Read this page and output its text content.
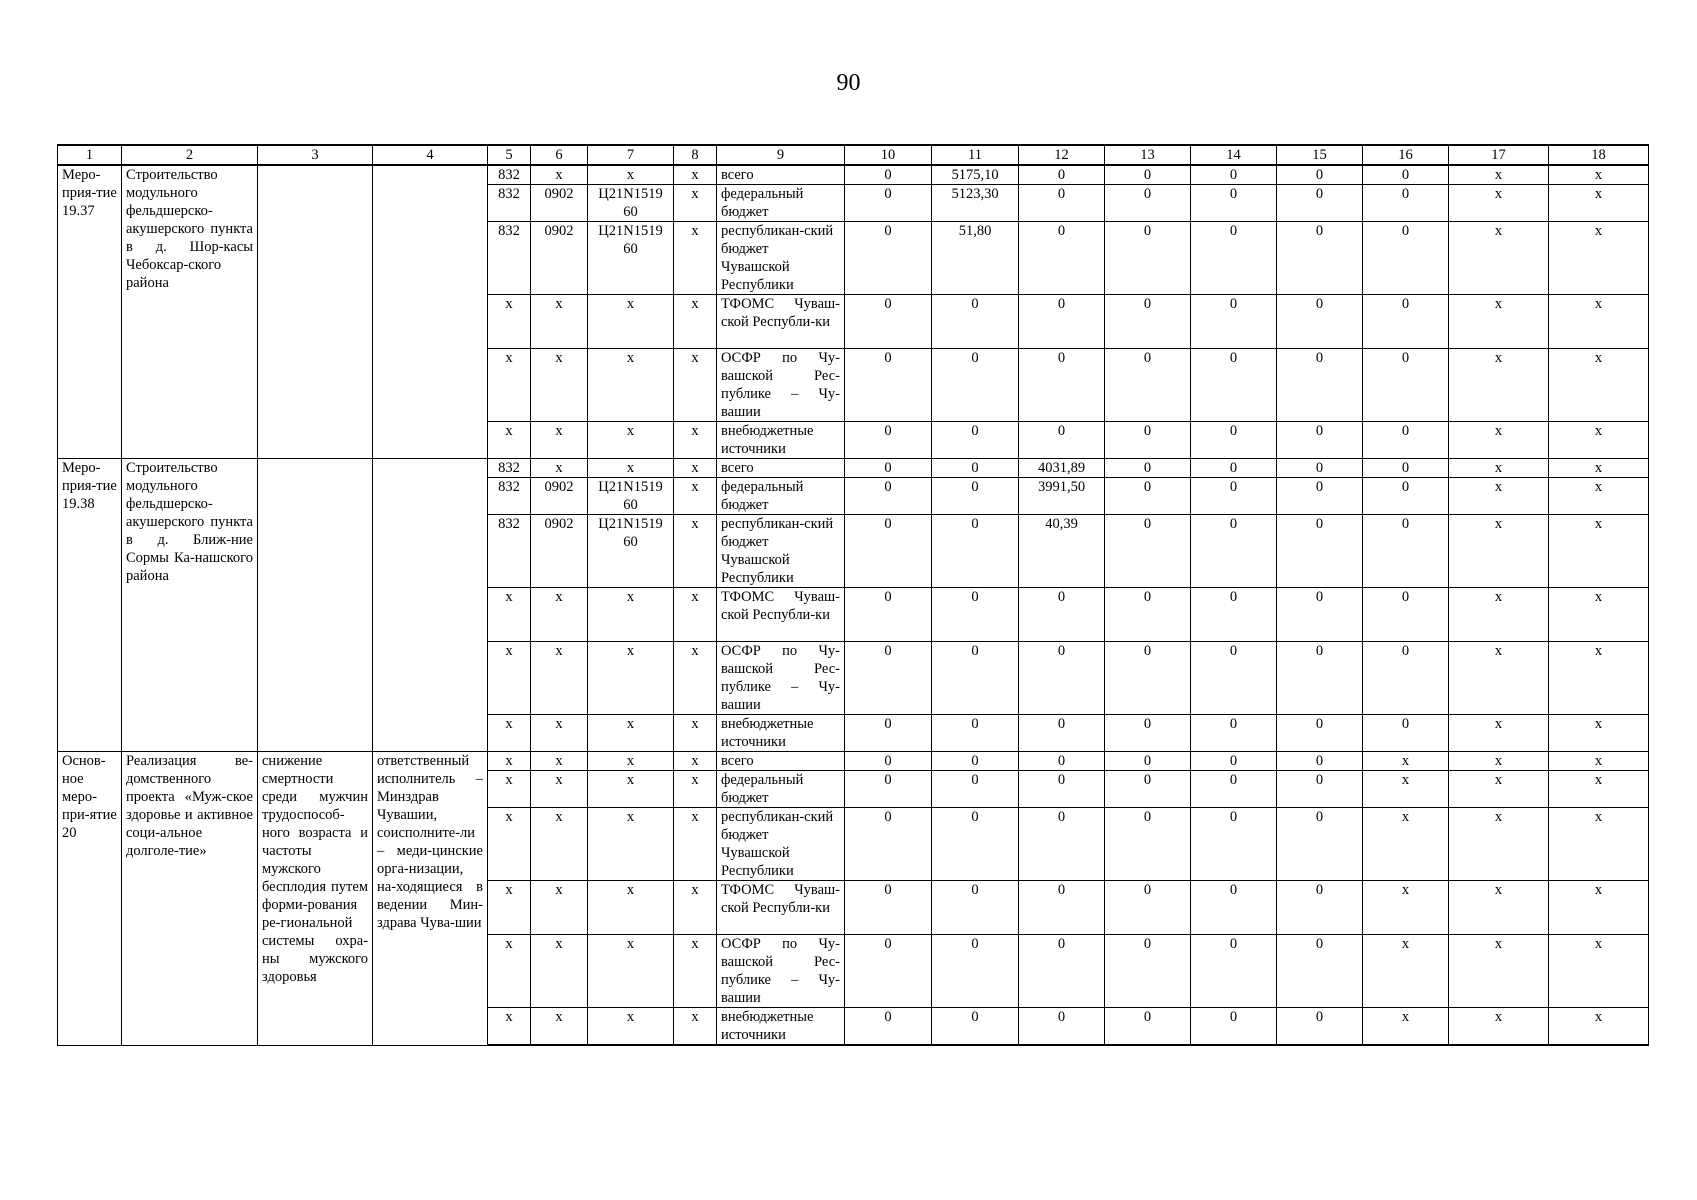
90
1	2	3	4	5	6	7	8	9	10	11	12	13	14	15	16	17	18
Меро-прия-тие 19.37	Строительство модульного фельдшерско-акушерского пункта в д. Шор-касы Чебоксар-ского района			832	x	x	x	всего	0	5175,10	0	0	0	0	0	x	x
				832	0902	Ц21N1519 60	x	федеральный бюджет	0	5123,30	0	0	0	0	0	x	x
				832	0902	Ц21N1519 60	x	республикан-ский бюджет Чувашской Республики	0	51,80	0	0	0	0	0	x	x
				x	x	x	x	ТФОМС Чуваш-ской Республи-ки	0	0	0	0	0	0	0	x	x
				x	x	x	x	ОСФР по Чу-вашской Рес-публике – Чу-вашии	0	0	0	0	0	0	0	x	x
				x	x	x	x	внебюджетные источники	0	0	0	0	0	0	0	x	x
Меро-прия-тие 19.38	Строительство модульного фельдшерско-акушерского пункта в д. Ближ-ние Сормы Ка-нашского района			832	x	x	x	всего	0	0	4031,89	0	0	0	0	x	x
				832	0902	Ц21N1519 60	x	федеральный бюджет	0	0	3991,50	0	0	0	0	x	x
				832	0902	Ц21N1519 60	x	республикан-ский бюджет Чувашской Республики	0	0	40,39	0	0	0	0	x	x
				x	x	x	x	ТФОМС Чуваш-ской Республи-ки	0	0	0	0	0	0	0	x	x
				x	x	x	x	ОСФР по Чу-вашской Рес-публике – Чу-вашии	0	0	0	0	0	0	0	x	x
				x	x	x	x	внебюджетные источники	0	0	0	0	0	0	0	x	x
Основ-ное меро-при-ятие 20	Реализация ве-домственного проекта «Муж-ское здоровье и активное соци-альное долголе-тие»	снижение смертности среди мужчин трудоспособ-ного возраста и частоты мужского бесплодия путем форми-рования ре-гиональной системы охра-ны мужского здоровья	ответственный исполнитель – Минздрав Чувашии, соисполните-ли – меди-цинские орга-низации, на-ходящиеся в ведении Мин-здрава Чува-шии	x	x	x	x	всего	0	0	0	0	0	0	x	x	x
				x	x	x	x	федеральный бюджет	0	0	0	0	0	0	x	x	x
				x	x	x	x	республикан-ский бюджет Чувашской Республики	0	0	0	0	0	0	x	x	x
				x	x	x	x	ТФОМС Чуваш-ской Республи-ки	0	0	0	0	0	0	x	x	x
				x	x	x	x	ОСФР по Чу-вашской Рес-публике – Чу-вашии	0	0	0	0	0	0	x	x	x
				x	x	x	x	внебюджетные источники	0	0	0	0	0	0	x	x	x
